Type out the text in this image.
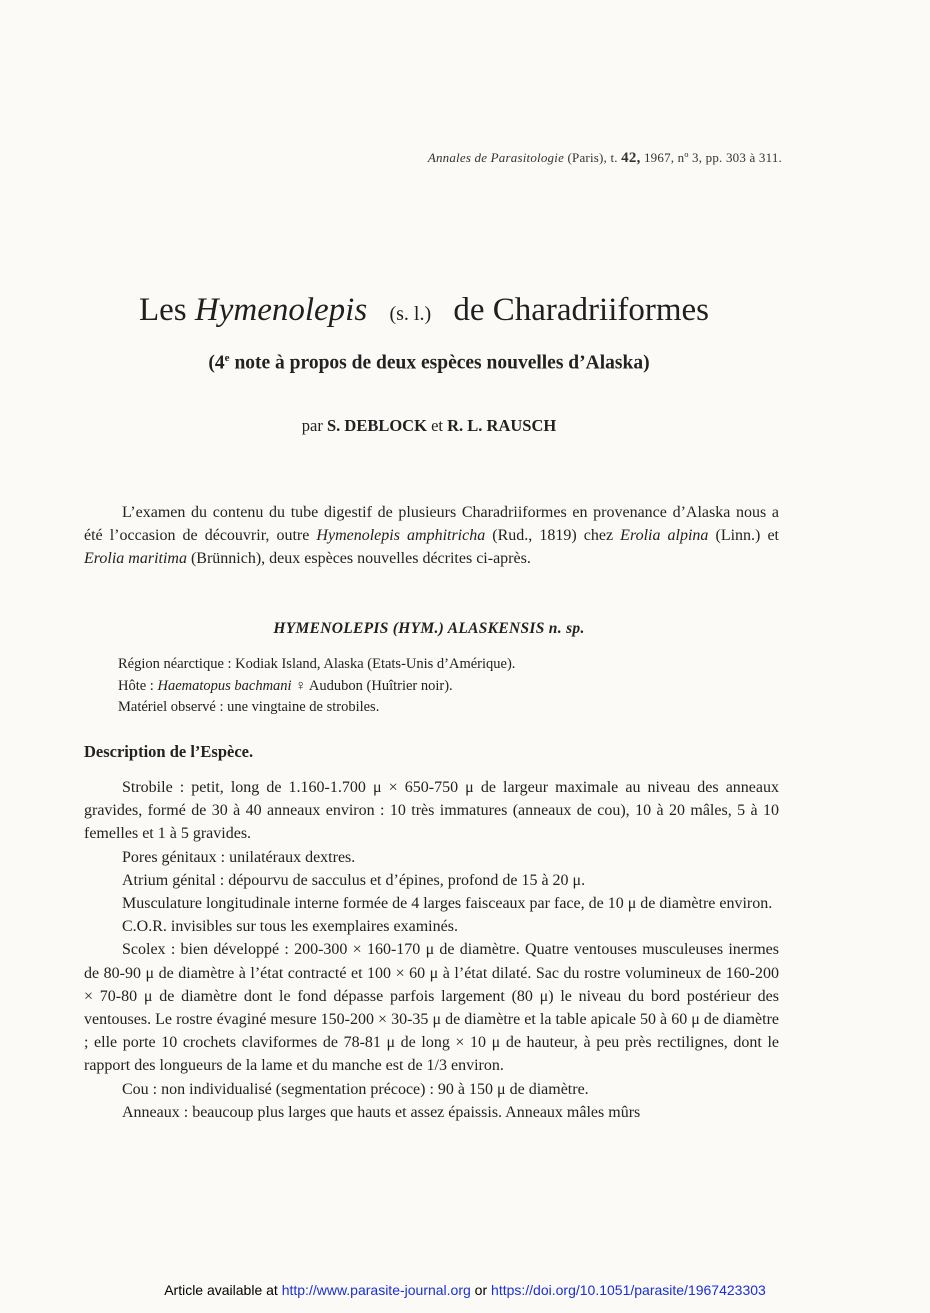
Annales de Parasitologie (Paris), t. 42, 1967, nº 3, pp. 303 à 311.
Les Hymenolepis (s. l.) de Charadriiformes
(4e note à propos de deux espèces nouvelles d’Alaska)
par S. DEBLOCK et R. L. RAUSCH

L’examen du contenu du tube digestif de plusieurs Charadriiformes en provenance d’Alaska nous a été l’occasion de découvrir, outre Hymenolepis amphitricha (Rud., 1819) chez Erolia alpina (Linn.) et Erolia maritima (Brünnich), deux espèces nouvelles décrites ci-après.

HYMENOLEPIS (HYM.) ALASKENSIS n. sp.
Région néarctique : Kodiak Island, Alaska (Etats-Unis d’Amérique).
Hôte : Haematopus bachmani ♀ Audubon (Huîtrier noir).
Matériel observé : une vingtaine de strobiles.
Description de l’Espèce.

Strobile : petit, long de 1.160-1.700 μ × 650-750 μ de largeur maximale au niveau des anneaux gravides, formé de 30 à 40 anneaux environ : 10 très immatures (anneaux de cou), 10 à 20 mâles, 5 à 10 femelles et 1 à 5 gravides.

Pores génitaux : unilatéraux dextres.

Atrium génital : dépourvu de sacculus et d’épines, profond de 15 à 20 μ.

Musculature longitudinale interne formée de 4 larges faisceaux par face, de 10 μ de diamètre environ.

C.O.R. invisibles sur tous les exemplaires examinés.

Scolex : bien développé : 200-300 × 160-170 μ de diamètre. Quatre ventouses musculeuses inermes de 80-90 μ de diamètre à l’état contracté et 100 × 60 μ à l’état dilaté. Sac du rostre volumineux de 160-200 × 70-80 μ de diamètre dont le fond dépasse parfois largement (80 μ) le niveau du bord postérieur des ventouses. Le rostre évaginé mesure 150-200 × 30-35 μ de diamètre et la table apicale 50 à 60 μ de diamètre ; elle porte 10 crochets claviformes de 78-81 μ de long × 10 μ de hauteur, à peu près rectilignes, dont le rapport des longueurs de la lame et du manche est de 1/3 environ.

Cou : non individualisé (segmentation précoce) : 90 à 150 μ de diamètre.

Anneaux : beaucoup plus larges que hauts et assez épaissis. Anneaux mâles mûrs

Article available at http://www.parasite-journal.org or https://doi.org/10.1051/parasite/1967423303
